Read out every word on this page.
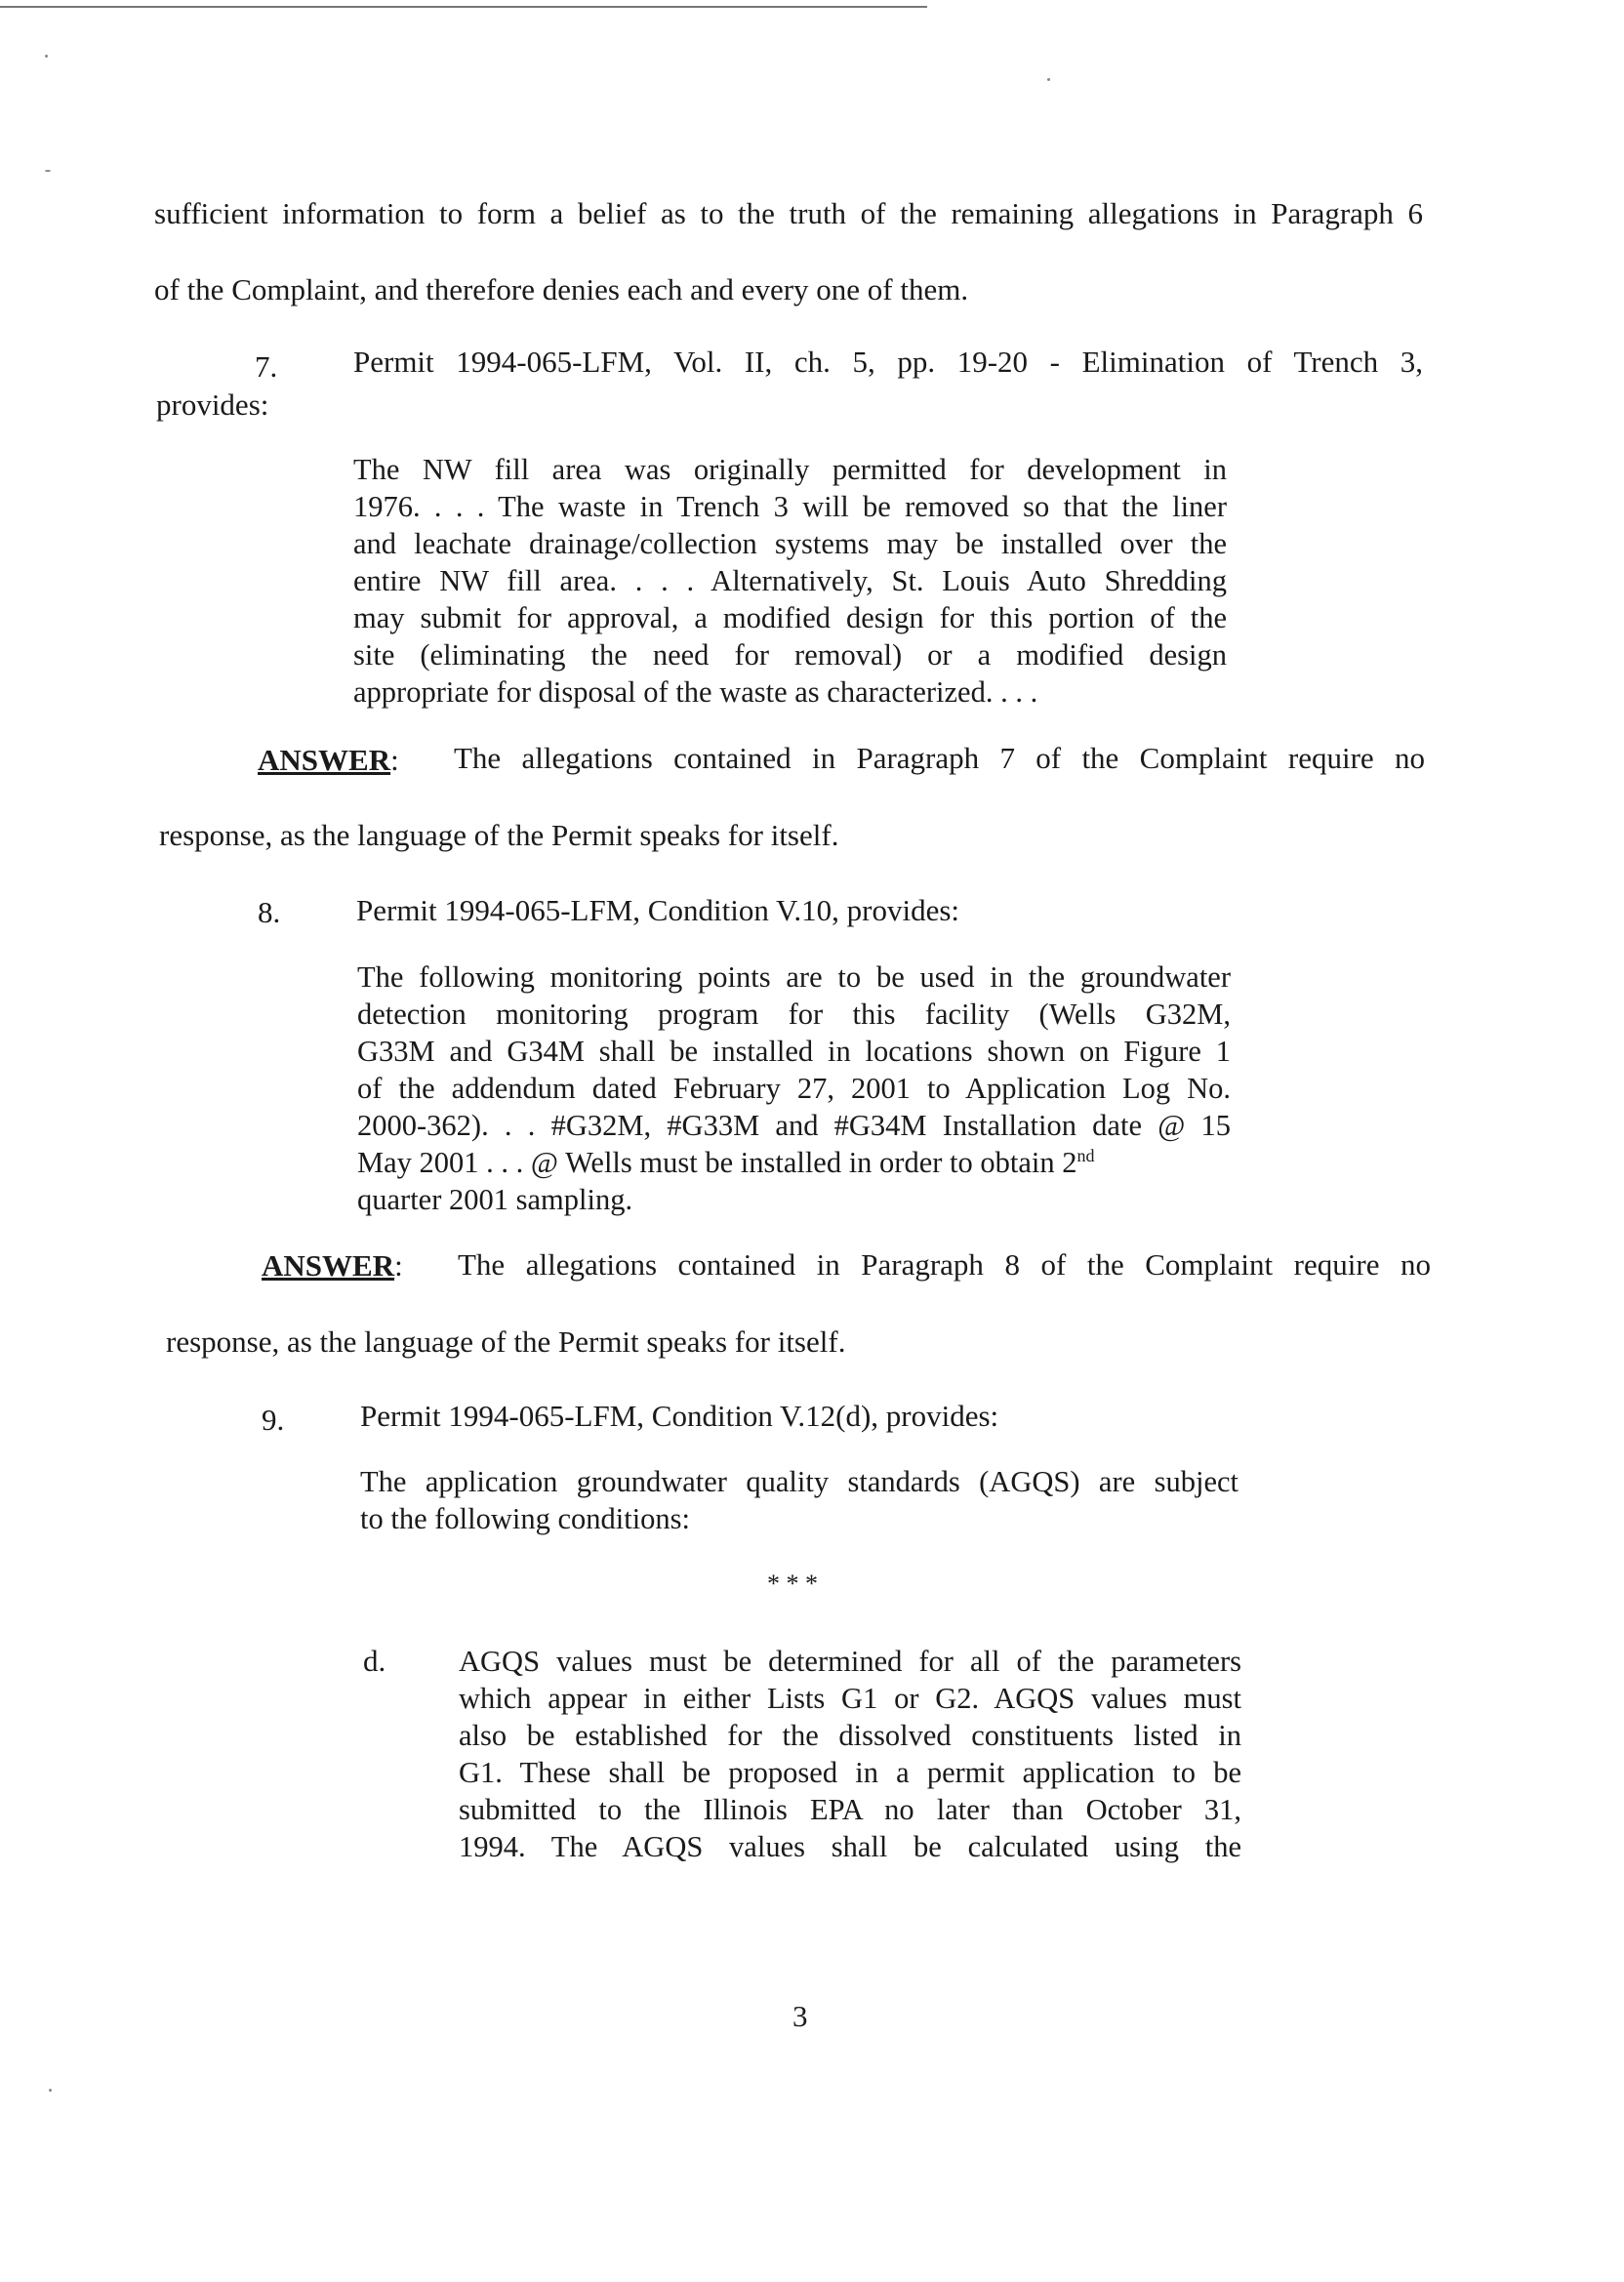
sufficient information to form a belief as to the truth of the remaining allegations in Paragraph 6
of the Complaint, and therefore denies each and every one of them.
7.	Permit 1994-065-LFM, Vol. II, ch. 5, pp. 19-20 - Elimination of Trench 3,
provides:
The NW fill area was originally permitted for development in
1976. . . . The waste in Trench 3 will be removed so that the liner
and leachate drainage/collection systems may be installed over the
entire NW fill area. . . . Alternatively, St. Louis Auto Shredding
may submit for approval, a modified design for this portion of the
site (eliminating the need for removal) or a modified design
appropriate for disposal of the waste as characterized. . . .
ANSWER: The allegations contained in Paragraph 7 of the Complaint require no
response, as the language of the Permit speaks for itself.
8.	Permit 1994-065-LFM, Condition V.10, provides:
The following monitoring points are to be used in the groundwater
detection monitoring program for this facility (Wells G32M,
G33M and G34M shall be installed in locations shown on Figure 1
of the addendum dated February 27, 2001 to Application Log No.
2000-362). . . #G32M, #G33M and #G34M Installation date @ 15
May 2001 . . . @ Wells must be installed in order to obtain 2nd
quarter 2001 sampling.
ANSWER: The allegations contained in Paragraph 8 of the Complaint require no
response, as the language of the Permit speaks for itself.
9.	Permit 1994-065-LFM, Condition V.12(d), provides:
The application groundwater quality standards (AGQS) are subject
to the following conditions:
* * *
d. AGQS values must be determined for all of the parameters
which appear in either Lists G1 or G2. AGQS values must
also be established for the dissolved constituents listed in
G1. These shall be proposed in a permit application to be
submitted to the Illinois EPA no later than October 31,
1994. The AGQS values shall be calculated using the
3
